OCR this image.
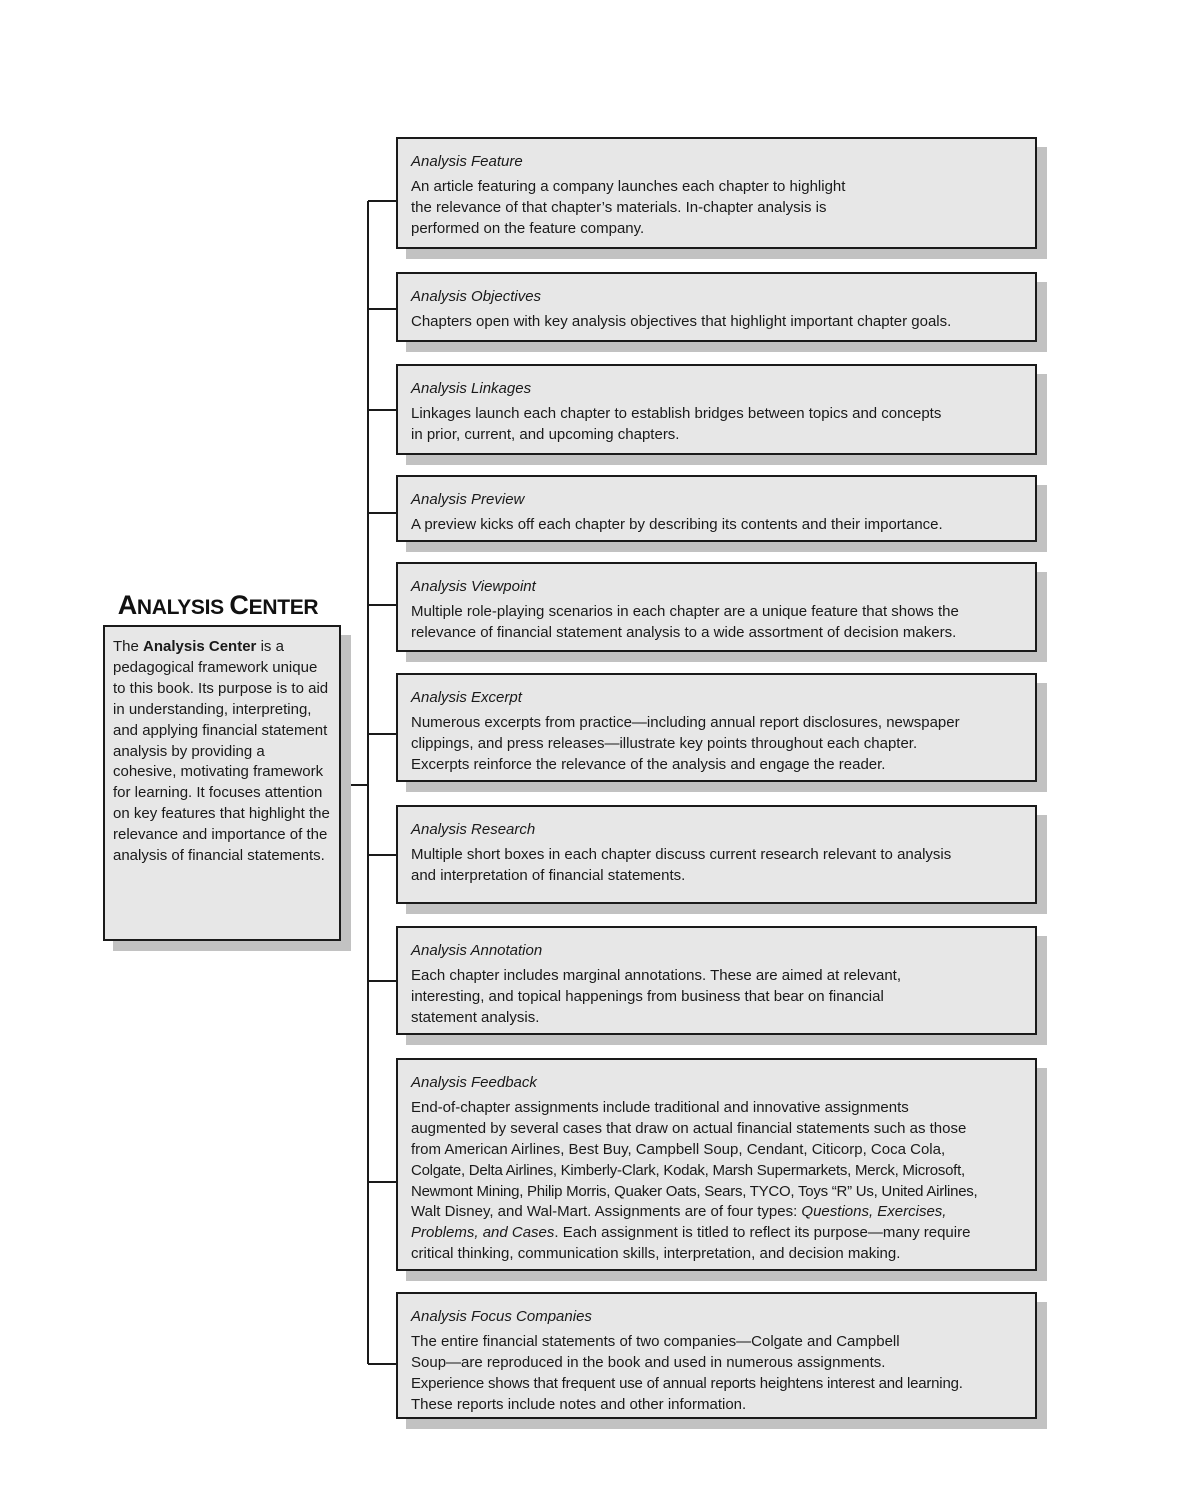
ANALYSIS CENTER
The Analysis Center is a pedagogical framework unique to this book. Its purpose is to aid in understanding, interpreting, and applying financial statement analysis by providing a cohesive, motivating framework for learning. It focuses attention on key features that highlight the relevance and importance of the analysis of financial statements.
Analysis Feature
An article featuring a company launches each chapter to highlight
the relevance of that chapter’s materials. In-chapter analysis is
performed on the feature company.
Analysis Objectives
Chapters open with key analysis objectives that highlight important chapter goals.
Analysis Linkages
Linkages launch each chapter to establish bridges between topics and concepts
in prior, current, and upcoming chapters.
Analysis Preview
A preview kicks off each chapter by describing its contents and their importance.
Analysis Viewpoint
Multiple role-playing scenarios in each chapter are a unique feature that shows the
relevance of financial statement analysis to a wide assortment of decision makers.
Analysis Excerpt
Numerous excerpts from practice—including annual report disclosures, newspaper
clippings, and press releases—illustrate key points throughout each chapter.
Excerpts reinforce the relevance of the analysis and engage the reader.
Analysis Research
Multiple short boxes in each chapter discuss current research relevant to analysis
and interpretation of financial statements.
Analysis Annotation
Each chapter includes marginal annotations. These are aimed at relevant,
interesting, and topical happenings from business that bear on financial
statement analysis.
Analysis Feedback
End-of-chapter assignments include traditional and innovative assignments
augmented by several cases that draw on actual financial statements such as those
from American Airlines, Best Buy, Campbell Soup, Cendant, Citicorp, Coca Cola,
Colgate, Delta Airlines, Kimberly-Clark, Kodak, Marsh Supermarkets, Merck, Microsoft,
Newmont Mining, Philip Morris, Quaker Oats, Sears, TYCO, Toys “R” Us, United Airlines,
Walt Disney, and Wal-Mart. Assignments are of four types: Questions, Exercises,
Problems, and Cases. Each assignment is titled to reflect its purpose—many require
critical thinking, communication skills, interpretation, and decision making.
Analysis Focus Companies
The entire financial statements of two companies—Colgate and Campbell
Soup—are reproduced in the book and used in numerous assignments.
Experience shows that frequent use of annual reports heightens interest and learning.
These reports include notes and other information.
